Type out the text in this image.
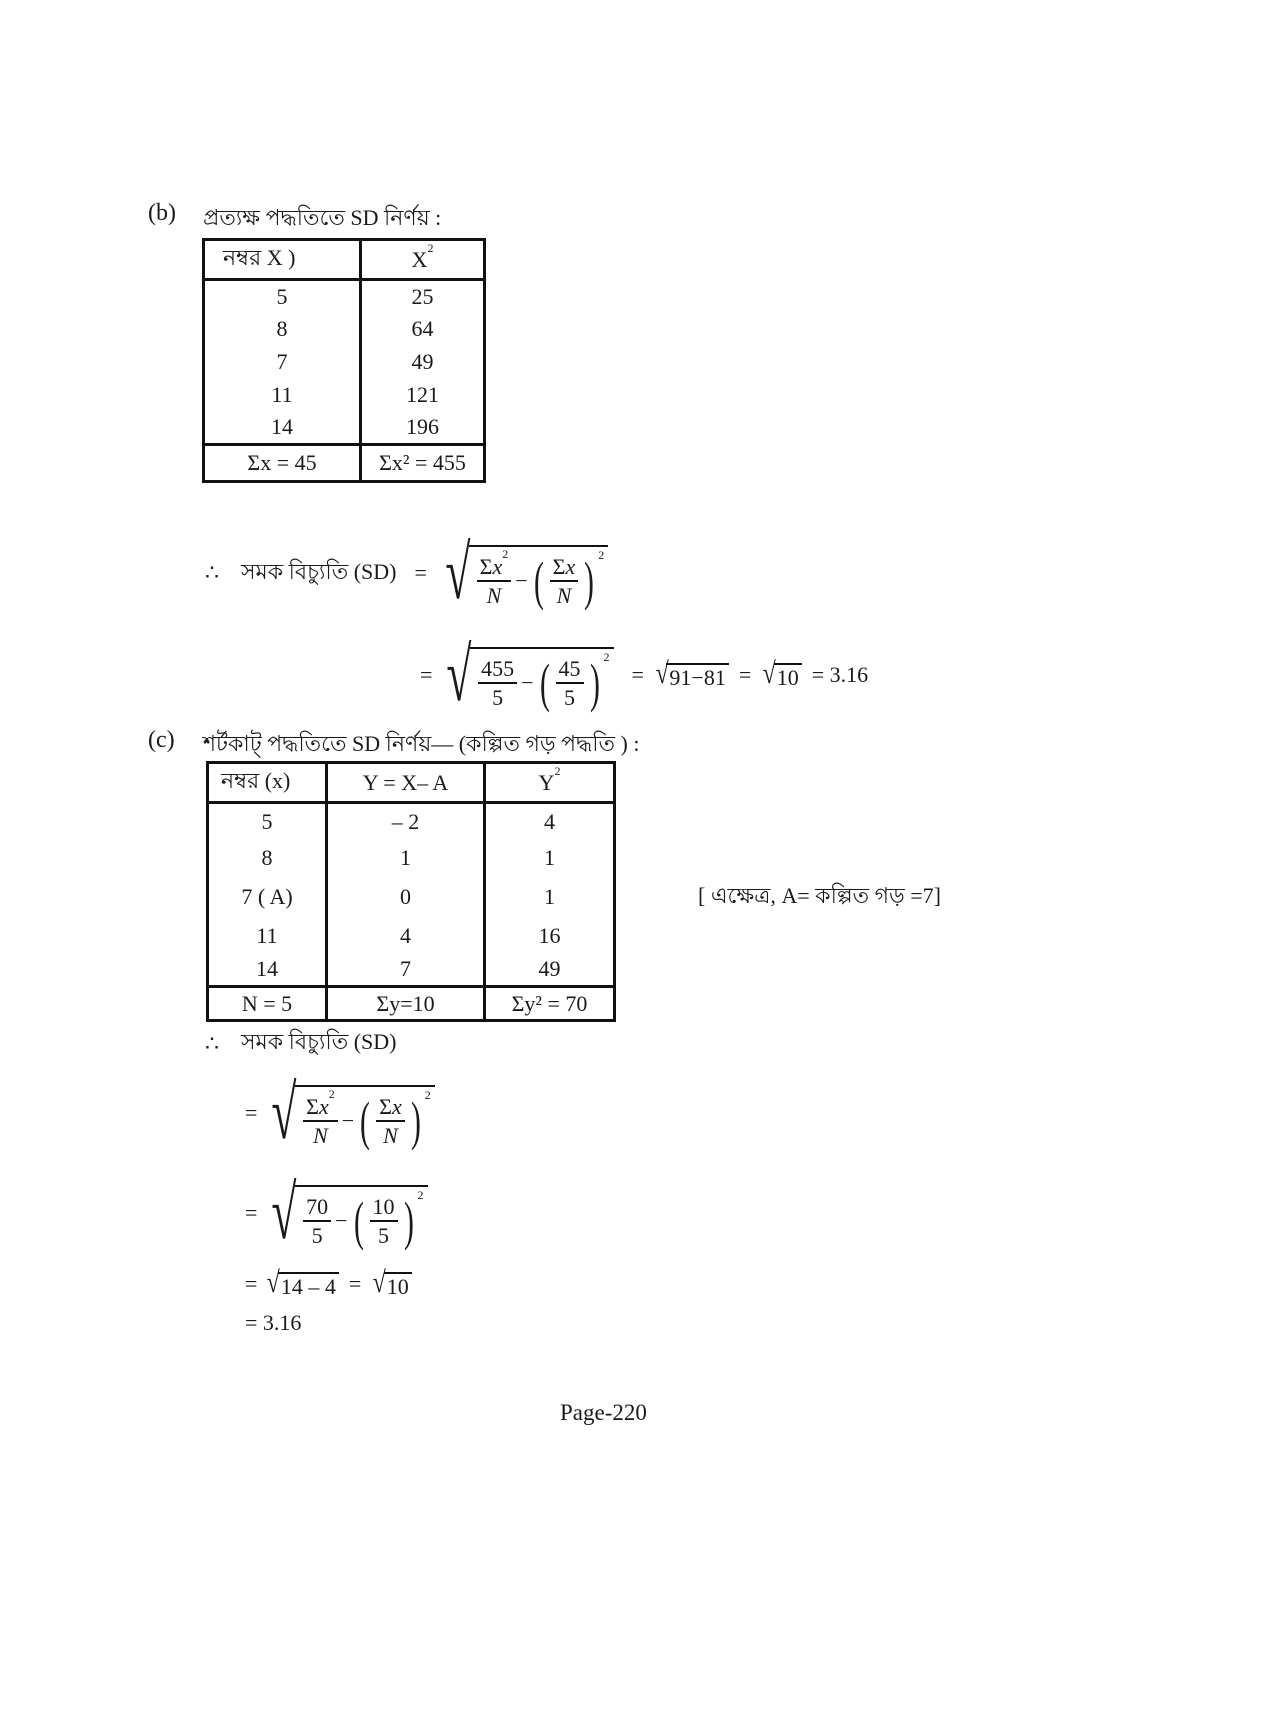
(b) প্রত্যক্ষ পদ্ধতিতে SD নির্ণয় :
নম্বর X )	$X^2$
5	25
8	64
7	49
11	121
14	196
Σx = 45	Σx² = 455
∴ সমক বিচ্যুতি (SD) = √ $\frac{\Sigma x^2}{N}$ − ( $\frac{\Sigma x}{N}$ ) 2
= √ $\frac{455}{5}$ − ( $\frac{45}{5}$ ) 2
= √ 91−81 = √ 10 = 3.16
(c) শর্টকাট্‌ পদ্ধতিতে SD নির্ণয়— (কল্পিত গড় পদ্ধতি ) :
নম্বর (x)	Y = X– A	$Y^2$
5	– 2	4
8	1	1
7 ( A)	0	1
11	4	16
14	7	49
N = 5	Σy=10	Σy² = 70
[ এক্ষেত্র, A= কল্পিত গড় =7]
∴ সমক বিচ্যুতি (SD)
= √ $\frac{\Sigma x^2}{N}$ − ( $\frac{\Sigma x}{N}$ ) 2
= √ $\frac{70}{5}$ − ( $\frac{10}{5}$ ) 2
= √ 14 – 4 = √ 10
= 3.16
Page-220
